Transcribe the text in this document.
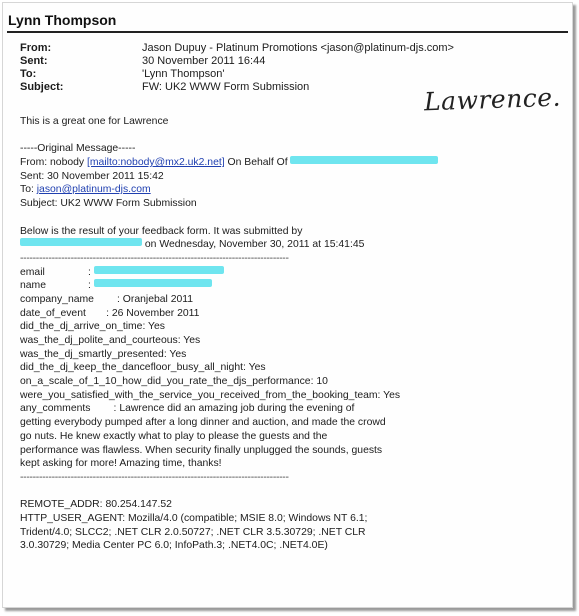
Lynn Thompson
From:	Jason Dupuy - Platinum Promotions <jason@platinum-djs.com>
Sent:	30 November 2011 16:44
To:	'Lynn Thompson'
Subject:	FW: UK2 WWW Form Submission	Lawrence.
This is a great one for Lawrence
-----Original Message-----
From: nobody [mailto:nobody@mx2.uk2.net] On Behalf Of
Sent: 30 November 2011 15:42
To: jason@platinum-djs.com
Subject: UK2 WWW Form Submission
Below is the result of your feedback form. It was submitted by
on Wednesday, November 30, 2011 at 15:41:45
-------------------------------------------------------------------------------------
email	:
name	:
company_name        : Oranjebal 2011
date_of_event       : 26 November 2011
did_the_dj_arrive_on_time: Yes
was_the_dj_polite_and_courteous: Yes
was_the_dj_smartly_presented: Yes
did_the_dj_keep_the_dancefloor_busy_all_night: Yes
on_a_scale_of_1_10_how_did_you_rate_the_djs_performance: 10
were_you_satisfied_with_the_service_you_received_from_the_booking_team: Yes
any_comments        : Lawrence did an amazing job during the evening of
getting everybody pumped after a long dinner and auction, and made the crowd
go nuts. He knew exactly what to play to please the guests and the
performance was flawless. When security finally unplugged the sounds, guests
kept asking for more! Amazing time, thanks!
-------------------------------------------------------------------------------------
REMOTE_ADDR: 80.254.147.52
HTTP_USER_AGENT: Mozilla/4.0 (compatible; MSIE 8.0; Windows NT 6.1;
Trident/4.0; SLCC2; .NET CLR 2.0.50727; .NET CLR 3.5.30729; .NET CLR
3.0.30729; Media Center PC 6.0; InfoPath.3; .NET4.0C; .NET4.0E)
